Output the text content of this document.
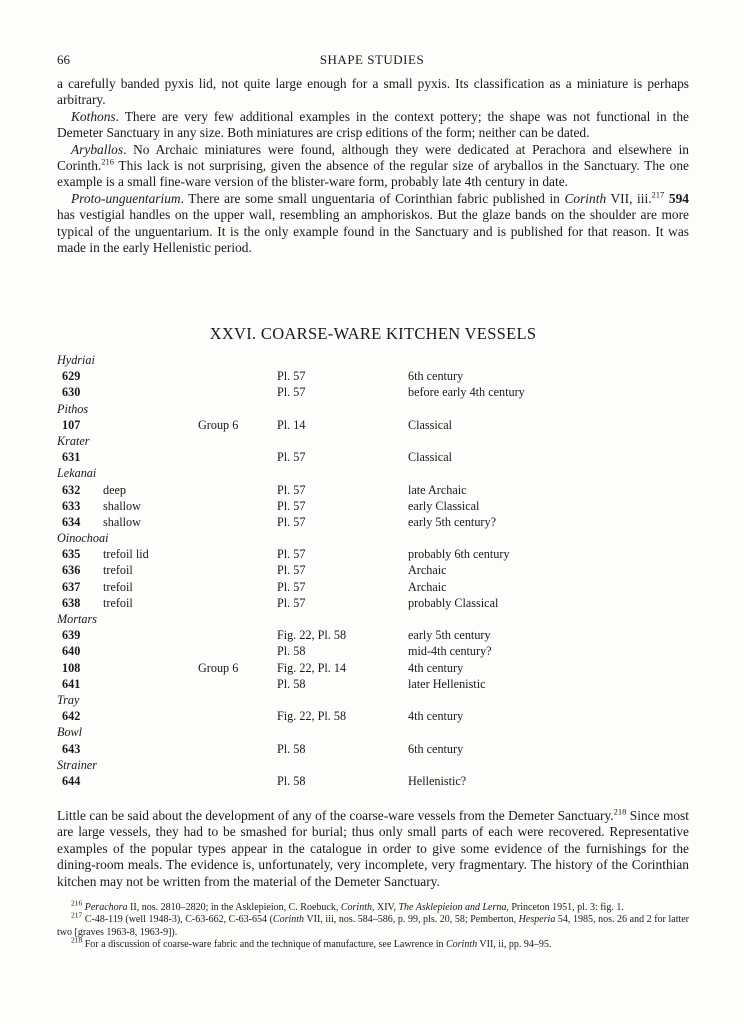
66	SHAPE STUDIES

a carefully banded pyxis lid, not quite large enough for a small pyxis. Its classification as a miniature is perhaps arbitrary.

Kothons. There are very few additional examples in the context pottery; the shape was not functional in the Demeter Sanctuary in any size. Both miniatures are crisp editions of the form; neither can be dated.

Aryballos. No Archaic miniatures were found, although they were dedicated at Perachora and elsewhere in Corinth.$^{216}$ This lack is not surprising, given the absence of the regular size of aryballos in the Sanctuary. The one example is a small fine-ware version of the blister-ware form, probably late 4th century in date.

Proto-unguentarium. There are some small unguentaria of Corinthian fabric published in Corinth VII, iii.$^{217}$ 594 has vestigial handles on the upper wall, resembling an amphoriskos. But the glaze bands on the shoulder are more typical of the unguentarium. It is the only example found in the Sanctuary and is published for that reason. It was made in the early Hellenistic period.

XXVI. COARSE-WARE KITCHEN VESSELS
Hydriai
629	Pl. 57	6th century
630	Pl. 57	before early 4th century
Pithos
107	Group 6	Pl. 14	Classical
Krater
631	Pl. 57	Classical
Lekanai
632 deep	Pl. 57	late Archaic
633 shallow	Pl. 57	early Classical
634 shallow	Pl. 57	early 5th century?
Oinochoai
635 trefoil lid	Pl. 57	probably 6th century
636 trefoil	Pl. 57	Archaic
637 trefoil	Pl. 57	Archaic
638 trefoil	Pl. 57	probably Classical
Mortars
639	Fig. 22, Pl. 58	early 5th century
640	Pl. 58	mid-4th century?
108	Group 6	Fig. 22, Pl. 14	4th century
641	Pl. 58	later Hellenistic
Tray
642	Fig. 22, Pl. 58	4th century
Bowl
643	Pl. 58	6th century
Strainer
644	Pl. 58	Hellenistic?

Little can be said about the development of any of the coarse-ware vessels from the Demeter Sanctuary.$^{218}$ Since most are large vessels, they had to be smashed for burial; thus only small parts of each were recovered. Representative examples of the popular types appear in the catalogue in order to give some evidence of the furnishings for the dining-room meals. The evidence is, unfortunately, very incomplete, very fragmentary. The history of the Corinthian kitchen may not be written from the material of the Demeter Sanctuary.

$^{216}$ Perachora II, nos. 2810–2820; in the Asklepieion, C. Roebuck, Corinth, XIV, The Asklepieion and Lerna, Princeton 1951, pl. 3: fig. 1.

$^{217}$ C-48-119 (well 1948-3), C-63-662, C-63-654 (Corinth VII, iii, nos. 584–586, p. 99, pls. 20, 58; Pemberton, Hesperia 54, 1985, nos. 26 and 2 for latter two [graves 1963-8, 1963-9]).

$^{218}$ For a discussion of coarse-ware fabric and the technique of manufacture, see Lawrence in Corinth VII, ii, pp. 94–95.
